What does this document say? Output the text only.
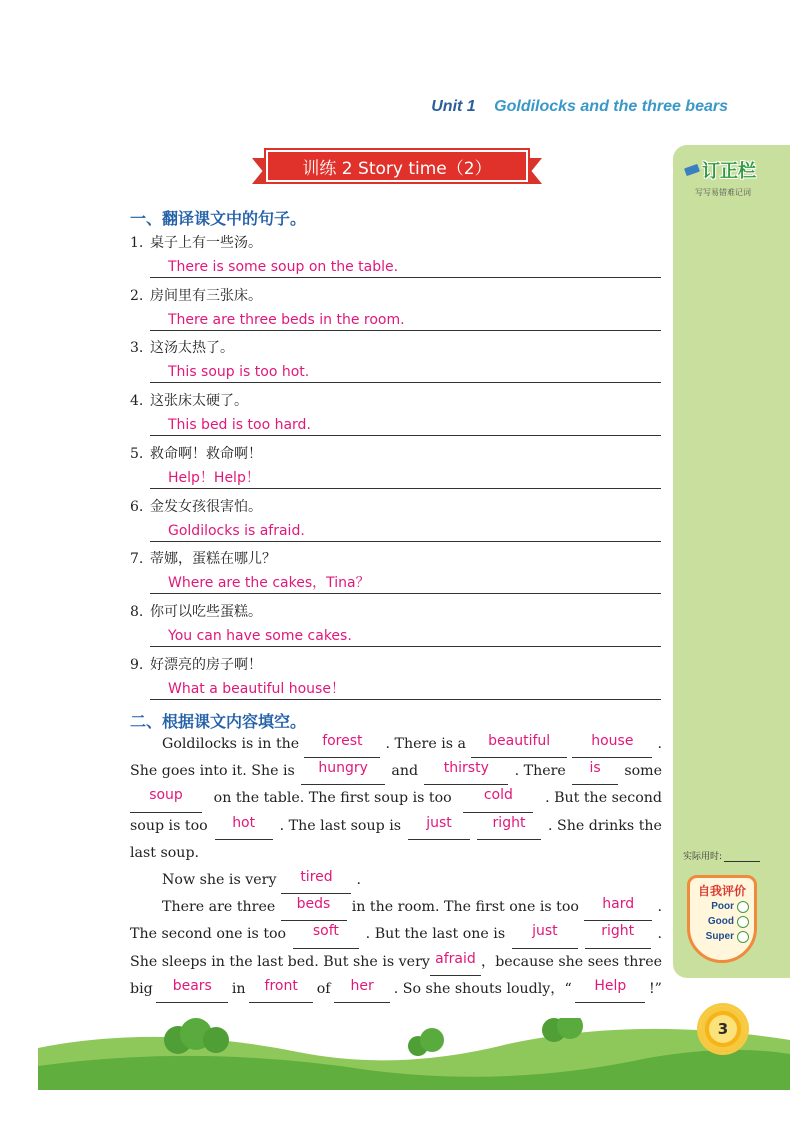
Unit 1 Goldilocks and the three bears
训练 2 Story time（2）	订正栏
写写易错难记词
实际用时:
自我评价
Poor
Good
Super
一、翻译课文中的句子。
1. 桌子上有一些汤。
There is some soup on the table.
2. 房间里有三张床。
There are three beds in the room.
3. 这汤太热了。
This soup is too hot.
4. 这张床太硬了。
This bed is too hard.
5. 救命啊！救命啊！
Help！Help！
6. 金发女孩很害怕。
Goldilocks is afraid.
7. 蒂娜，蛋糕在哪儿？
Where are the cakes，Tina？
8. 你可以吃些蛋糕。
You can have some cakes.
9. 好漂亮的房子啊！
What a beautiful house！
二、根据课文内容填空。
Goldilocks is in the	forest	. There is a	beautiful	house	.
She goes into it. She is	hungry	and	thirsty	. There	is	some
soup	on the table. The first soup is too	cold	. But the second
soup is too	hot	. The last soup is	just	right	. She drinks the
last soup.
Now she is very	tired	.
There are three	beds	in the room. The first one is too	hard	.
The second one is too	soft	. But the last one is	just	right	.
She sleeps in the last bed. But she is very afraid ，because she sees three
big	bears	in	front	of	her	. So she shouts loudly，“	Help	!”
3
